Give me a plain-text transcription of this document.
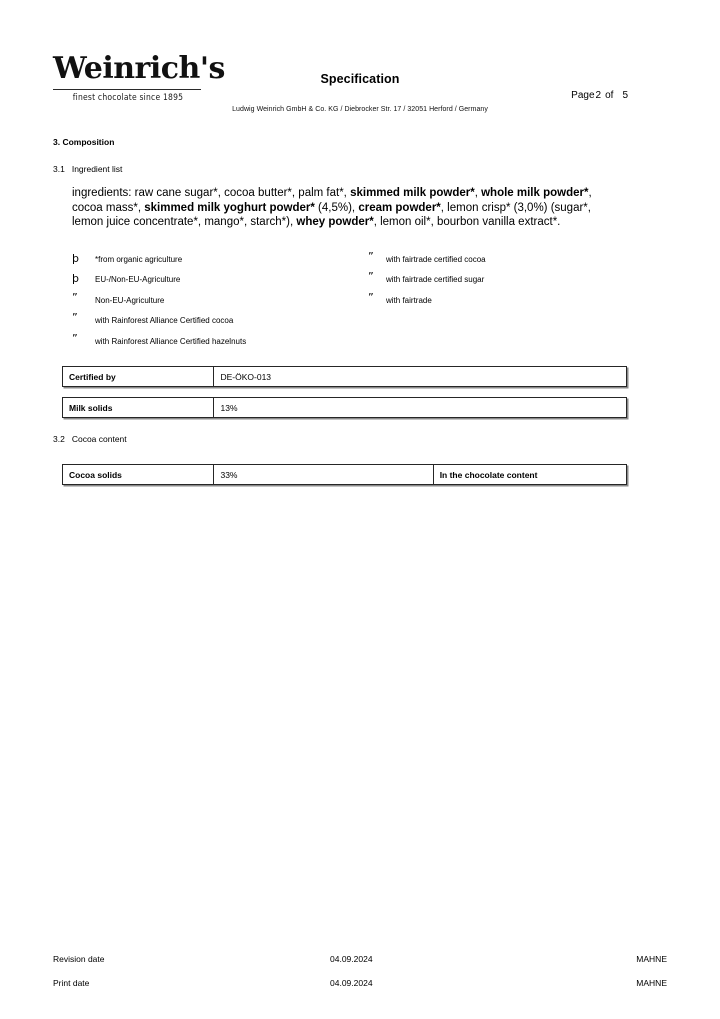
Weinrich's
finest chocolate since 1895
Specification
Ludwig Weinrich GmbH & Co. KG / Diebrocker Str. 17 / 32051 Herford / Germany
Page2 of 5
3. Composition
3.1 Ingredient list
ingredients: raw cane sugar*, cocoa butter*, palm fat*, skimmed milk powder*, whole milk powder*, cocoa mass*, skimmed milk yoghurt powder* (4,5%), cream powder*, lemon crisp* (3,0%) (sugar*, lemon juice concentrate*, mango*, starch*), whey powder*, lemon oil*, bourbon vanilla extract*.
þ *from organic agriculture
þ EU-/Non-EU-Agriculture
” Non-EU-Agriculture
” with Rainforest Alliance Certified cocoa
” with Rainforest Alliance Certified hazelnuts
” with fairtrade certified cocoa
” with fairtrade certified sugar
” with fairtrade
Certified by	DE-ÖKO-013
Milk solids	13%
3.2 Cocoa content
Cocoa solids	33%	In the chocolate content
Revision date	04.09.2024	MAHNE
Print date	04.09.2024	MAHNE
